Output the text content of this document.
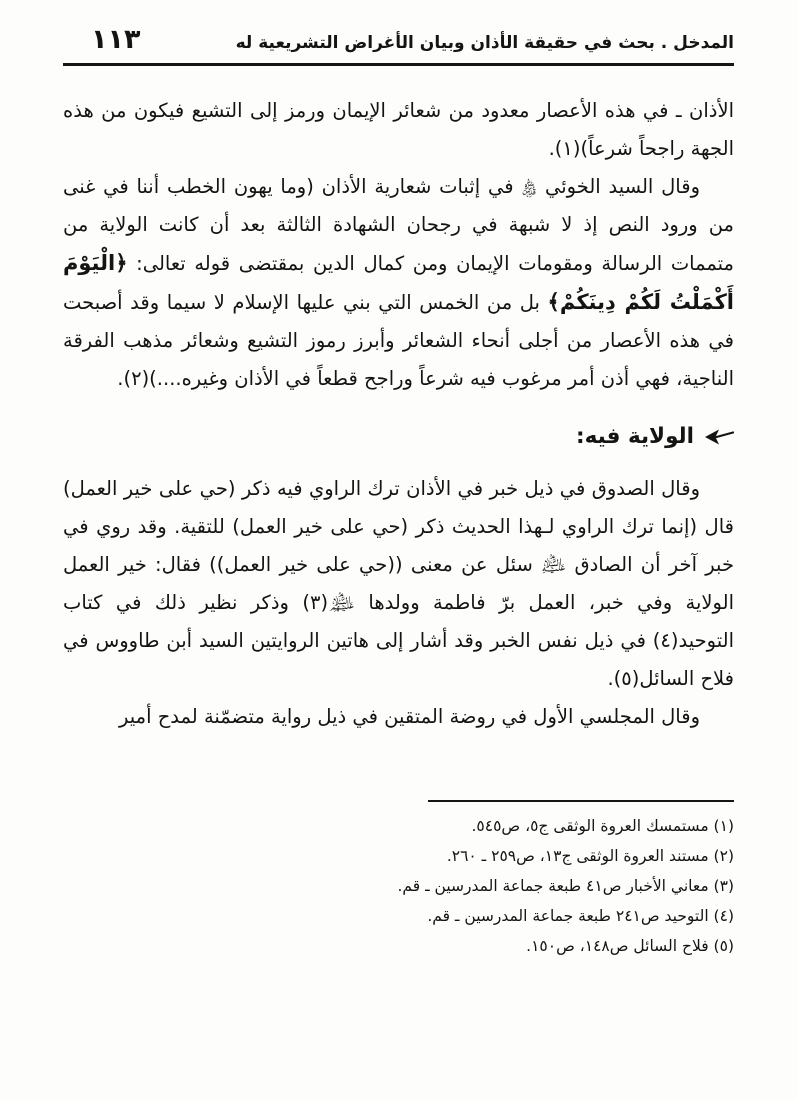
المدخل . بحث في حقيقة الأذان وبيان الأغراض التشريعية له
١١٣

الأذان ـ في هذه الأعصار معدود من شعائر الإيمان ورمز إلى التشيع فيكون من هذه الجهة راجحاً شرعاً)(١).

وقال السيد الخوئي ﵋ في إثبات شعارية الأذان (وما يهون الخطب أننا في غنى من ورود النص إذ لا شبهة في رجحان الشهادة الثالثة بعد أن كانت الولاية من متممات الرسالة ومقومات الإيمان ومن كمال الدين بمقتضى قوله تعالى: ﴿الْيَوْمَ أَكْمَلْتُ لَكُمْ دِينَكُمْ﴾ بل من الخمس التي بني عليها الإسلام لا سيما وقد أصبحت في هذه الأعصار من أجلى أنحاء الشعائر وأبرز رموز التشيع وشعائر مذهب الفرقة الناجية، فهي أذن أمر مرغوب فيه شرعاً وراجح قطعاً في الأذان وغيره....)(٢).

الولاية فيه:

وقال الصدوق في ذيل خبر في الأذان ترك الراوي فيه ذكر (حي على خير العمل) قال (إنما ترك الراوي لـهذا الحديث ذكر (حي على خير العمل) للتقية. وقد روي في خبر آخر أن الصادق ﵇ سئل عن معنى ((حي على خير العمل)) فقال: خير العمل الولاية وفي خبر، العمل برّ فاطمة وولدها ﵈(٣) وذكر نظير ذلك في كتاب التوحيد(٤) في ذيل نفس الخبر وقد أشار إلى هاتين الروايتين السيد أبن طاووس في فلاح السائل(٥).

وقال المجلسي الأول في روضة المتقين في ذيل رواية متضمّنة لمدح أمير

(١) مستمسك العروة الوثقى ج٥، ص٥٤٥.
(٢) مستند العروة الوثقى ج١٣، ص٢٥٩ ـ ٢٦٠.
(٣) معاني الأخبار ص٤١ طبعة جماعة المدرسين ـ قم.
(٤) التوحيد ص٢٤١ طبعة جماعة المدرسين ـ قم.
(٥) فلاح السائل ص١٤٨، ص١٥٠.
